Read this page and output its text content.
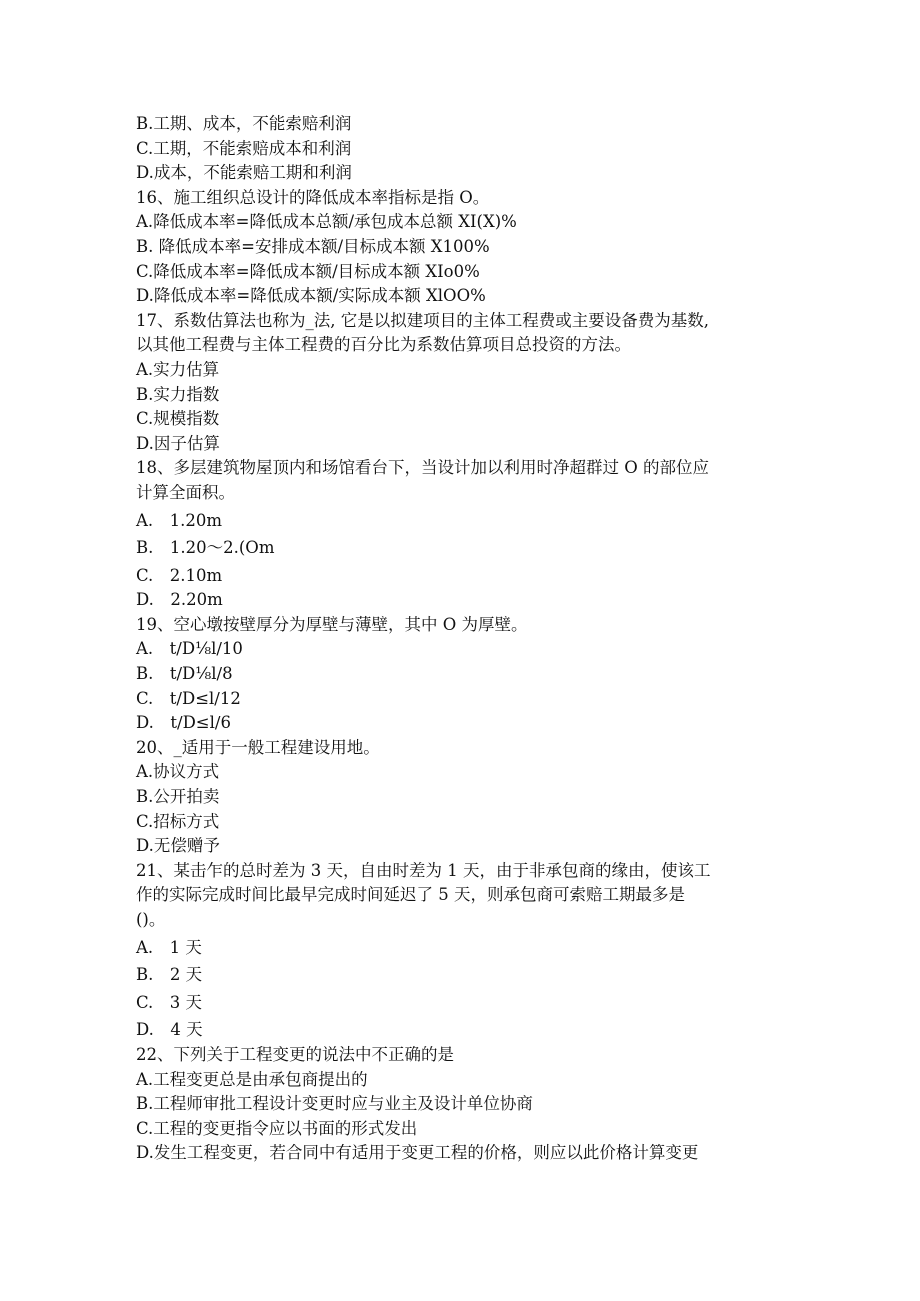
B.工期、成本，不能索赔利润
C.工期，不能索赔成本和利润
D.成本，不能索赔工期和利润
16、施工组织总设计的降低成本率指标是指 O。
A.降低成本率=降低成本总额/承包成本总额 XI(X)%
B. 降低成本率=安排成本额/目标成本额 X100%
C.降低成本率=降低成本额/目标成本额 XIo0%
D.降低成本率=降低成本额/实际成本额 XlOO%
17、系数估算法也称为_法, 它是以拟建项目的主体工程费或主要设备费为基数,
以其他工程费与主体工程费的百分比为系数估算项目总投资的方法。
A.实力估算
B.实力指数
C.规模指数
D.因子估算
18、多层建筑物屋顶内和场馆看台下，当设计加以利用时净超群过 O 的部位应
计算全面积。
A.　1.20m
B.　1.20～2.(Om
C.　2.10m
D.　2.20m
19、空心墩按壁厚分为厚壁与薄壁，其中 O 为厚壁。
A.　t∕D⅛l∕10
B.　t∕D⅛l∕8
C.　t∕D≤l∕12
D.　t∕D≤l∕6
20、_适用于一般工程建设用地。
A.协议方式
B.公开拍卖
C.招标方式
D.无偿赠予
21、某击乍的总时差为 3 天，自由时差为 1 天，由于非承包商的缘由，使该工
作的实际完成时间比最早完成时间延迟了 5 天，则承包商可索赔工期最多是
()。
A.　1 天
B.　2 天
C.　3 天
D.　4 天
22、下列关于工程变更的说法中不正确的是
A.工程变更总是由承包商提出的
B.工程师审批工程设计变更时应与业主及设计单位协商
C.工程的变更指令应以书面的形式发出
D.发生工程变更，若合同中有适用于变更工程的价格，则应以此价格计算变更
